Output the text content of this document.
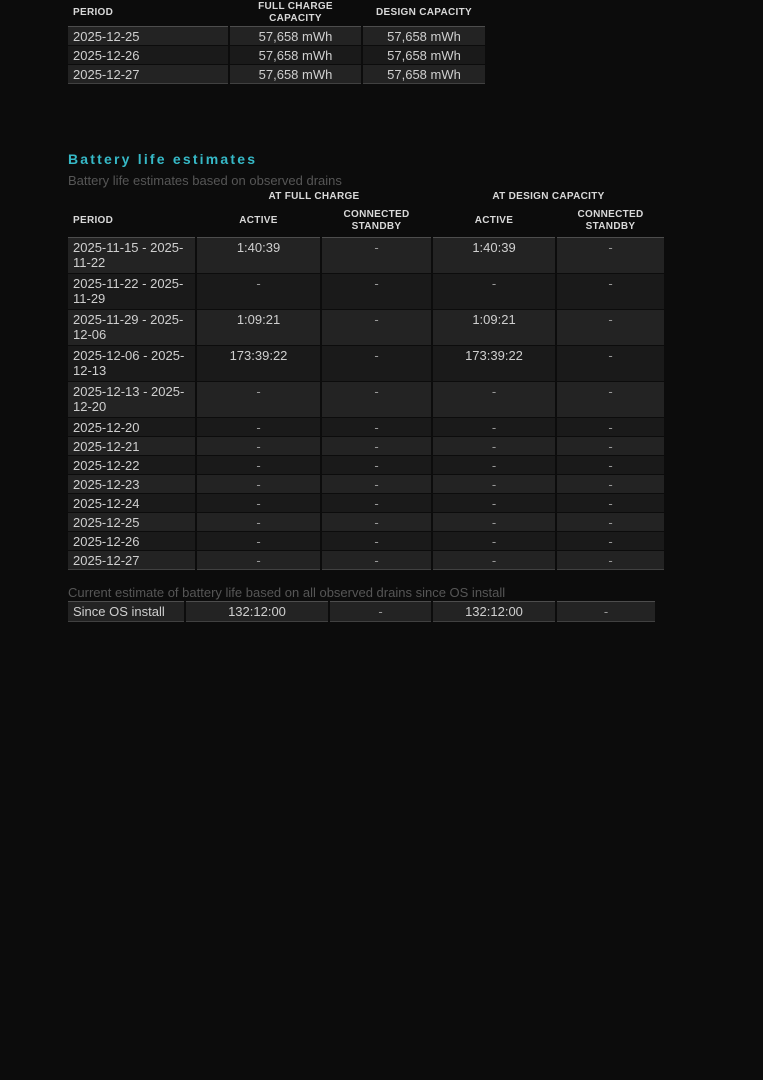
PERIOD	FULL CHARGE CAPACITY	DESIGN CAPACITY
2025-12-25	57,658 mWh	57,658 mWh
2025-12-26	57,658 mWh	57,658 mWh
2025-12-27	57,658 mWh	57,658 mWh
Battery life estimates
Battery life estimates based on observed drains
	AT FULL CHARGE		AT DESIGN CAPACITY	
PERIOD	ACTIVE	CONNECTED STANDBY	ACTIVE	CONNECTED STANDBY
2025-11-15 - 2025-11-22	1:40:39	-	1:40:39	-
2025-11-22 - 2025-11-29	-	-	-	-
2025-11-29 - 2025-12-06	1:09:21	-	1:09:21	-
2025-12-06 - 2025-12-13	173:39:22	-	173:39:22	-
2025-12-13 - 2025-12-20	-	-	-	-
2025-12-20	-	-	-	-
2025-12-21	-	-	-	-
2025-12-22	-	-	-	-
2025-12-23	-	-	-	-
2025-12-24	-	-	-	-
2025-12-25	-	-	-	-
2025-12-26	-	-	-	-
2025-12-27	-	-	-	-
Current estimate of battery life based on all observed drains since OS install
Since OS install	132:12:00	-	132:12:00	-
